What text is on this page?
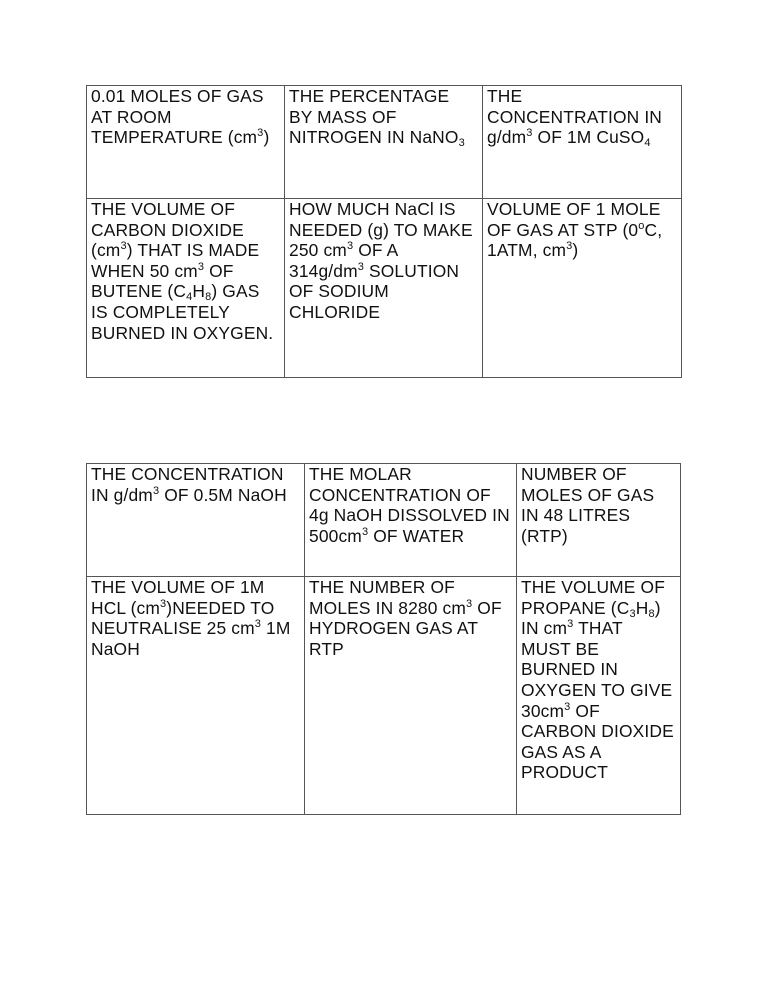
0.01 MOLES OF GAS AT ROOM TEMPERATURE $(cm^3)$	THE PERCENTAGE BY MASS OF NITROGEN IN NaNO$_3$	THE CONCENTRATION IN $g/dm^3$ OF 1M CuSO$_4$
THE VOLUME OF CARBON DIOXIDE $(cm^3)$ THAT IS MADE WHEN 50 $cm^3$ OF BUTENE $(C_4H_8)$ GAS IS COMPLETELY BURNED IN OXYGEN.	HOW MUCH NaCl IS NEEDED (g) TO MAKE 250 $cm^3$ OF A $314g/dm^3$ SOLUTION OF SODIUM CHLORIDE	VOLUME OF 1 MOLE OF GAS AT STP (0$^o$C, 1ATM, $cm^3$)
THE CONCENTRATION IN $g/dm^3$ OF 0.5M NaOH	THE MOLAR CONCENTRATION OF 4g NaOH DISSOLVED IN $500cm^3$ OF WATER	NUMBER OF MOLES OF GAS IN 48 LITRES (RTP)
THE VOLUME OF 1M HCL $(cm^3)NEEDED$ TO NEUTRALISE 25 $cm^3$ 1M NaOH	THE NUMBER OF MOLES IN 8280 $cm^3$ OF HYDROGEN GAS AT RTP	THE VOLUME OF PROPANE $(C_3H_8)$ IN $cm^3$ THAT MUST BE BURNED IN OXYGEN TO GIVE $30cm^3$ OF CARBON DIOXIDE GAS AS A PRODUCT
